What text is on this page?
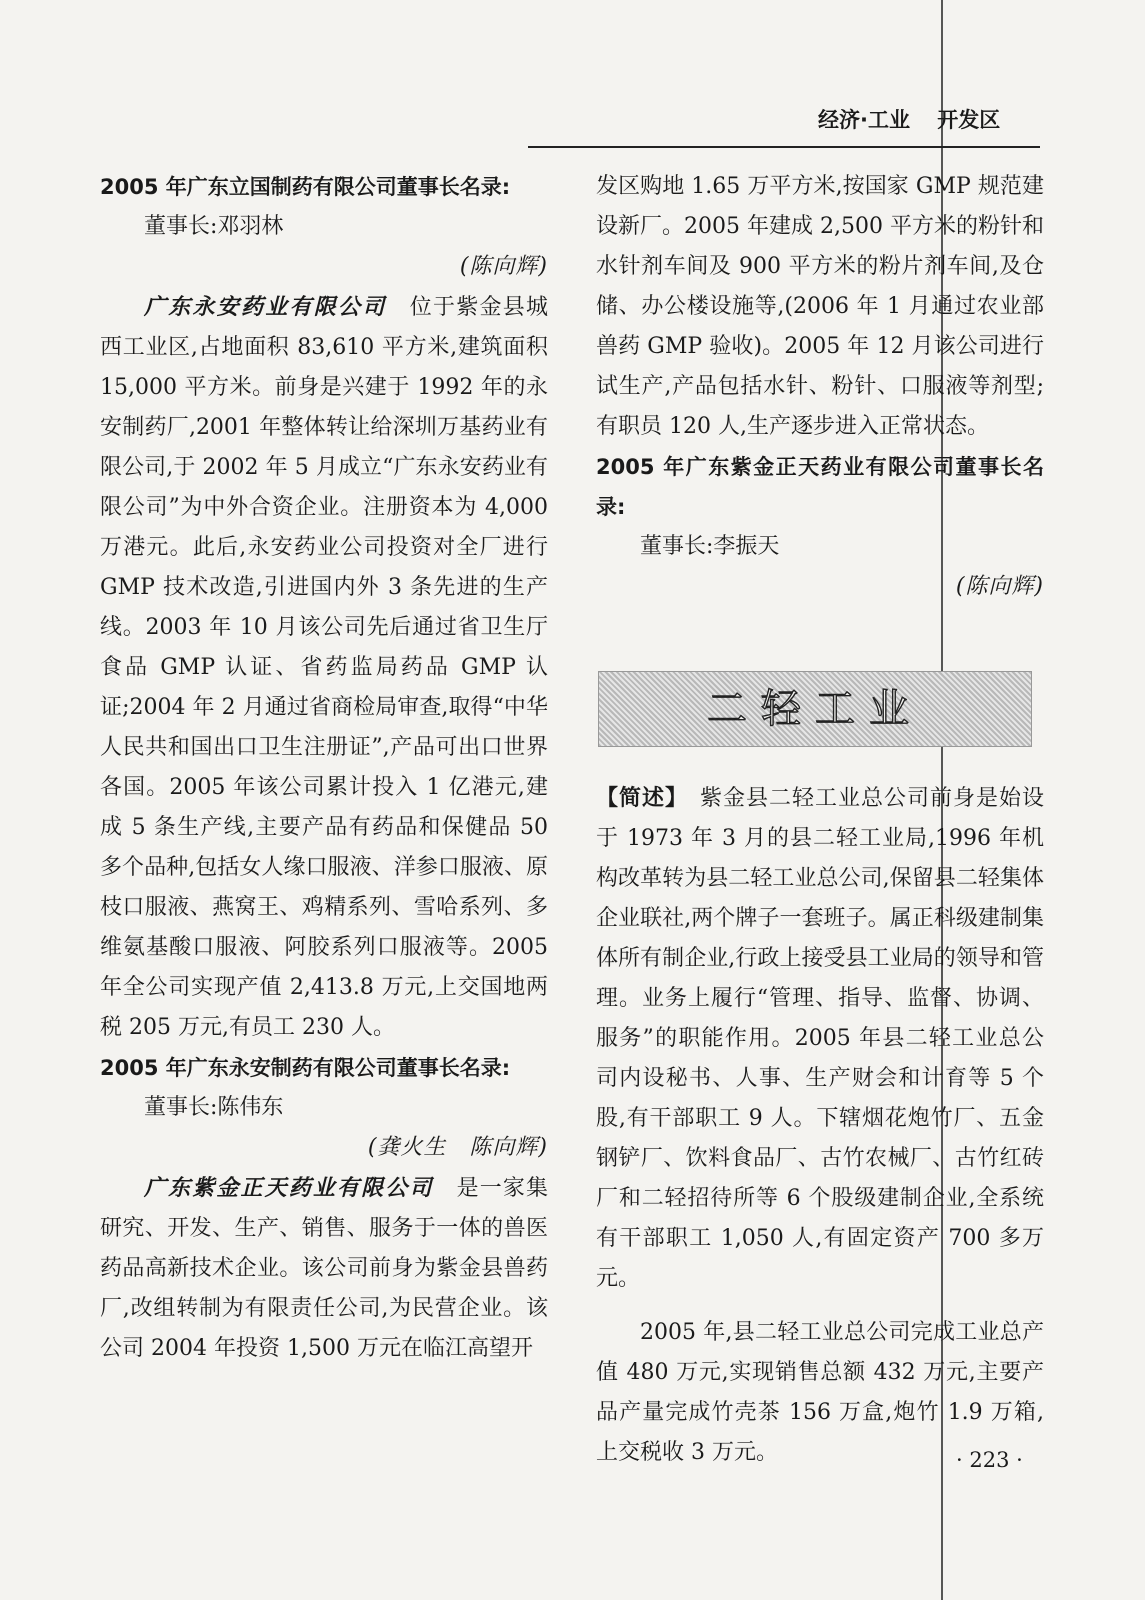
经济·工业 开发区

2005 年广东立国制药有限公司董事长名录:

董事长:邓羽林

(陈向辉)

广东永安药业有限公司　位于紫金县城西工业区,占地面积 83,610 平方米,建筑面积 15,000 平方米。前身是兴建于 1992 年的永安制药厂,2001 年整体转让给深圳万基药业有限公司,于 2002 年 5 月成立“广东永安药业有限公司”为中外合资企业。注册资本为 4,000 万港元。此后,永安药业公司投资对全厂进行 GMP 技术改造,引进国内外 3 条先进的生产线。2003 年 10 月该公司先后通过省卫生厅食品 GMP 认证、省药监局药品 GMP 认证;2004 年 2 月通过省商检局审查,取得“中华人民共和国出口卫生注册证”,产品可出口世界各国。2005 年该公司累计投入 1 亿港元,建成 5 条生产线,主要产品有药品和保健品 50 多个品种,包括女人缘口服液、洋参口服液、原枝口服液、燕窝王、鸡精系列、雪哈系列、多维氨基酸口服液、阿胶系列口服液等。2005 年全公司实现产值 2,413.8 万元,上交国地两税 205 万元,有员工 230 人。

2005 年广东永安制药有限公司董事长名录:

董事长:陈伟东

(龚火生　陈向辉)

广东紫金正天药业有限公司　是一家集研究、开发、生产、销售、服务于一体的兽医药品高新技术企业。该公司前身为紫金县兽药厂,改组转制为有限责任公司,为民营企业。该公司 2004 年投资 1,500 万元在临江高望开

发区购地 1.65 万平方米,按国家 GMP 规范建设新厂。2005 年建成 2,500 平方米的粉针和水针剂车间及 900 平方米的粉片剂车间,及仓储、办公楼设施等,(2006 年 1 月通过农业部兽药 GMP 验收)。2005 年 12 月该公司进行试生产,产品包括水针、粉针、口服液等剂型;有职员 120 人,生产逐步进入正常状态。

2005 年广东紫金正天药业有限公司董事长名录:

董事长:李振天

(陈向辉)

二轻工业

【简述】　紫金县二轻工业总公司前身是始设于 1973 年 3 月的县二轻工业局,1996 年机构改革转为县二轻工业总公司,保留县二轻集体企业联社,两个牌子一套班子。属正科级建制集体所有制企业,行政上接受县工业局的领导和管理。业务上履行“管理、指导、监督、协调、服务”的职能作用。2005 年县二轻工业总公司内设秘书、人事、生产财会和计育等 5 个股,有干部职工 9 人。下辖烟花炮竹厂、五金钢铲厂、饮料食品厂、古竹农械厂、古竹红砖厂和二轻招待所等 6 个股级建制企业,全系统有干部职工 1,050 人,有固定资产 700 多万元。

2005 年,县二轻工业总公司完成工业总产值 480 万元,实现销售总额 432 万元,主要产品产量完成竹壳茶 156 万盒,炮竹 1.9 万箱,上交税收 3 万元。	· 223 ·
